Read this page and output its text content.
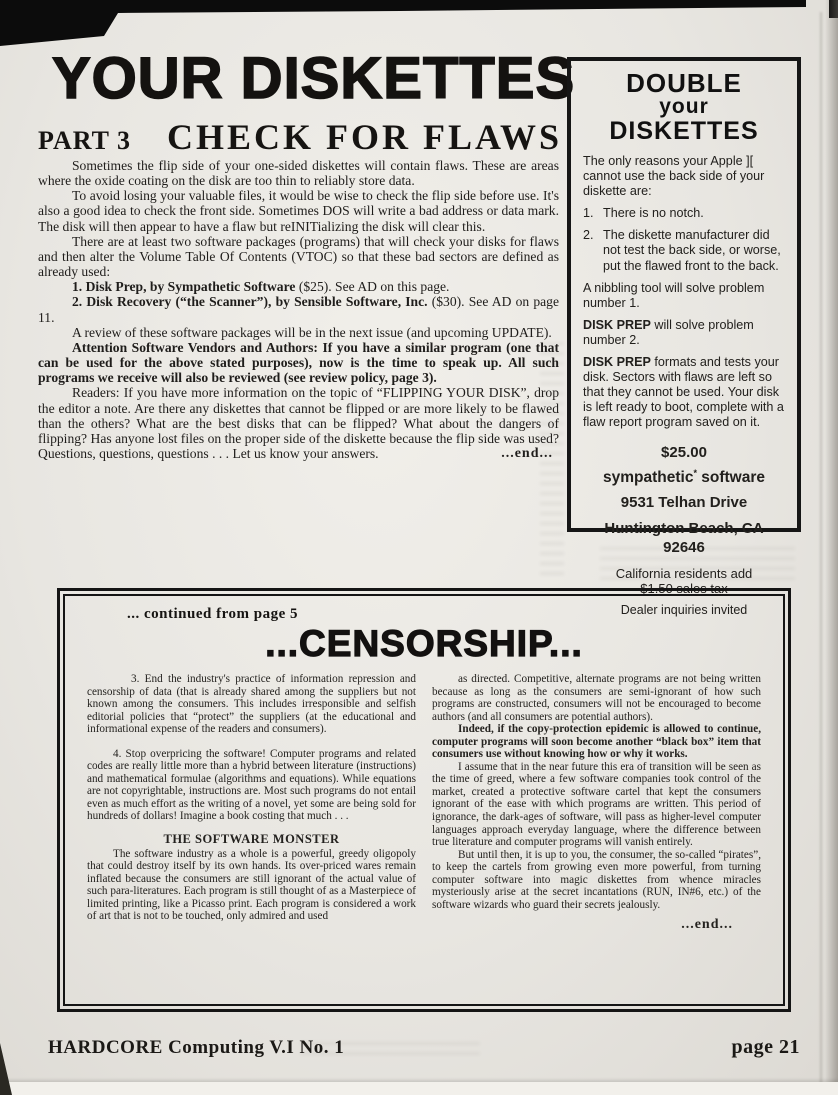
YOUR DISKETTES
PART 3 CHECK FOR FLAWS

Sometimes the flip side of your one-sided diskettes will contain flaws. These are areas where the oxide coating on the disk are too thin to reliably store data.

To avoid losing your valuable files, it would be wise to check the flip side before use. It's also a good idea to check the front side. Sometimes DOS will write a bad address or data mark. The disk will then appear to have a flaw but reINITializing the disk will clear this.

There are at least two software packages (programs) that will check your disks for flaws and then alter the Volume Table Of Contents (VTOC) so that these bad sectors are defined as already used:

1. Disk Prep, by Sympathetic Software ($25). See AD on this page.

2. Disk Recovery (“the Scanner”), by Sensible Software, Inc. ($30). See AD on page 11.

A review of these software packages will be in the next issue (and upcoming UPDATE).

Attention Software Vendors and Authors: If you have a similar program (one that can be used for the above stated purposes), now is the time to speak up. All such programs we receive will also be reviewed (see review policy, page 3).

Readers: If you have more information on the topic of “FLIPPING YOUR DISK”, drop the editor a note. Are there any diskettes that cannot be flipped or are more likely to be flawed than the others? What are the best disks that can be flipped? What about the dangers of flipping? Has anyone lost files on the proper side of the diskette because the flip side was used? Questions, questions, questions . . . Let us know your answers.	...end...
DOUBLE
your
DISKETTES

The only reasons your Apple ][ cannot use the back side of your diskette are:

1. There is no notch.
2. The diskette manufacturer did not test the back side, or worse, put the flawed front to the back.

A nibbling tool will solve problem number 1.

DISK PREP will solve problem number 2.

DISK PREP formats and tests your disk. Sectors with flaws are left so that they cannot be used. Your disk is left ready to boot, complete with a flaw report program saved on it.

$25.00
sympathetic* software

9531 Telhan Drive

Huntington Beach, CA 92646

California residents add
$1.50 sales tax
Dealer inquiries invited
... continued from page 5
...CENSORSHIP...

3. End the industry's practice of information repression and censorship of data (that is already shared among the suppliers but not known among the consumers. This includes irresponsible and selfish editorial policies that “protect” the suppliers (at the educational and informational expense of the readers and consumers).

4. Stop overpricing the software! Computer programs and related codes are really little more than a hybrid between literature (instructions) and mathematical formulae (algorithms and equations). While equations are not copyrightable, instructions are. Most such programs do not entail even as much effort as the writing of a novel, yet some are being sold for hundreds of dollars! Imagine a book costing that much . . .

THE SOFTWARE MONSTER

The software industry as a whole is a powerful, greedy oligopoly that could destroy itself by its own hands. Its over-priced wares remain inflated because the consumers are still ignorant of the actual value of such para-literatures. Each program is still thought of as a Masterpiece of limited printing, like a Picasso print. Each program is considered a work of art that is not to be touched, only admired and used

as directed. Competitive, alternate programs are not being written because as long as the consumers are semi-ignorant of how such programs are constructed, consumers will not be encouraged to become authors (and all consumers are potential authors).

Indeed, if the copy-protection epidemic is allowed to continue, computer programs will soon become another “black box” item that consumers use without knowing how or why it works.

I assume that in the near future this era of transition will be seen as the time of greed, where a few software companies took control of the market, created a protective software cartel that kept the consumers ignorant of the ease with which programs are written. This period of ignorance, the dark-ages of software, will pass as higher-level computer languages approach everyday language, where the difference between true literature and computer programs will vanish entirely.

But until then, it is up to you, the consumer, the so-called “pirates”, to keep the cartels from growing even more powerful, from turning computer software into magic diskettes from whence miracles mysteriously arise at the secret incantations (RUN, IN#6, etc.) of the software wizards who guard their secrets jealously.

...end...
HARDCORE Computing V.I No. 1	page 21
